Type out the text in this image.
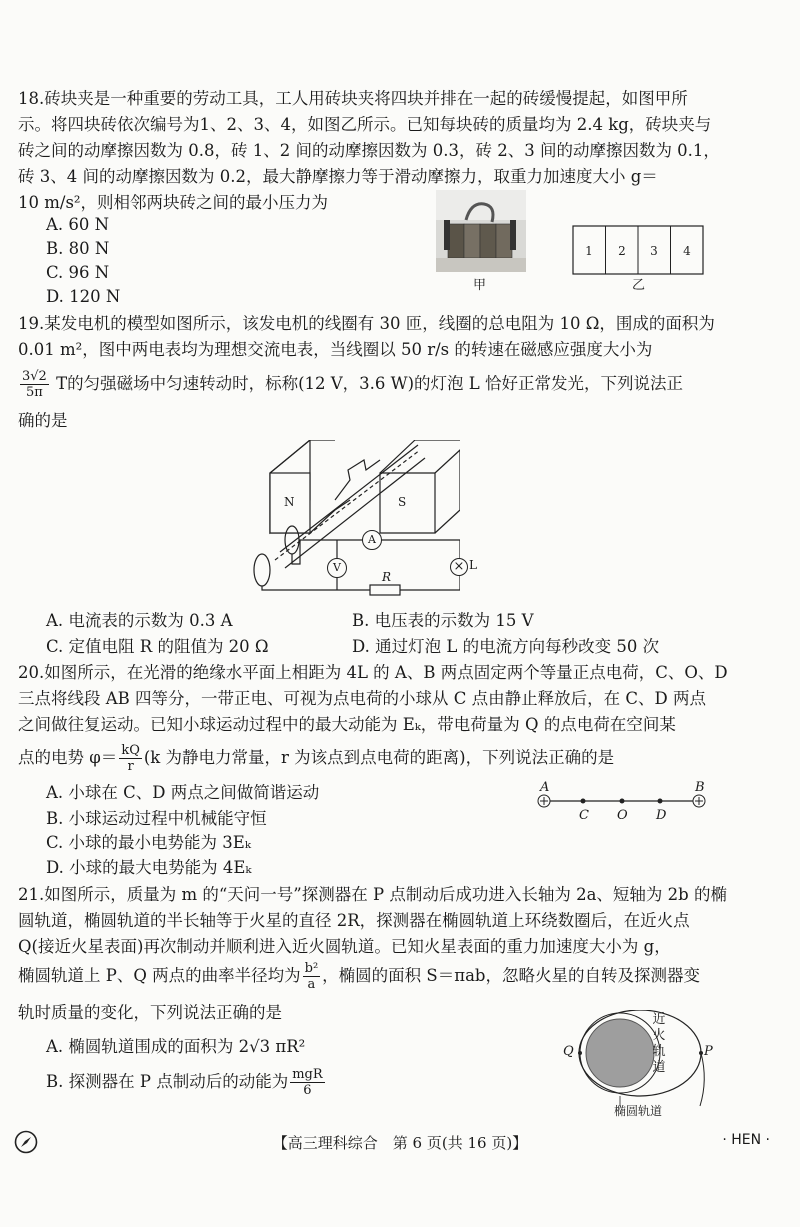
18.砖块夹是一种重要的劳动工具，工人用砖块夹将四块并排在一起的砖缓慢提起，如图甲所

示。将四块砖依次编号为1、2、3、4，如图乙所示。已知每块砖的质量均为 2.4 kg，砖块夹与

砖之间的动摩擦因数为 0.8，砖 1、2 间的动摩擦因数为 0.3，砖 2、3 间的动摩擦因数为 0.1，

砖 3、4 间的动摩擦因数为 0.2，最大静摩擦力等于滑动摩擦力，取重力加速度大小 g＝

10 m/s²，则相邻两块砖之间的最小压力为

A. 60 N
B. 80 N
C. 96 N
D. 120 N
甲
1 2 3 4
乙

19.某发电机的模型如图所示，该发电机的线圈有 30 匝，线圈的总电阻为 10 Ω，围成的面积为

0.01 m²，图中两电表均为理想交流电表，当线圈以 50 r/s 的转速在磁感应强度大小为

$\frac{3√2}{5\pi}$ T的匀强磁场中匀速转动时，标称(12 V，3.6 W)的灯泡 L 恰好正常发光，下列说法正
确的是
N	S
A
V	× L
R
A. 电流表的示数为 0.3 A	B. 电压表的示数为 15 V
C. 定值电阻 R 的阻值为 20 Ω	D. 通过灯泡 L 的电流方向每秒改变 50 次

20.如图所示，在光滑的绝缘水平面上相距为 4L 的 A、B 两点固定两个等量正点电荷，C、O、D

三点将线段 AB 四等分，一带正电、可视为点电荷的小球从 C 点由静止释放后，在 C、D 两点

之间做往复运动。已知小球运动过程中的最大动能为 Eₖ，带电荷量为 Q 的点电荷在空间某

点的电势 $\varphi= \frac{kQ}{r} (k$ 为静电力常量，r 为该点到点电荷的距离)，下列说法正确的是
A. 小球在 C、D 两点之间做简谐运动
B. 小球运动过程中机械能守恒
C. 小球的最小电势能为 3Eₖ
D. 小球的最大电势能为 4Eₖ
A	B
C O D

21.如图所示，质量为 m 的“天问一号”探测器在 P 点制动后成功进入长轴为 2a、短轴为 2b 的椭

圆轨道，椭圆轨道的半长轴等于火星的直径 2R，探测器在椭圆轨道上环绕数圈后，在近火点

Q(接近火星表面)再次制动并顺利进入近火圆轨道。已知火星表面的重力加速度大小为 g，

椭圆轨道上 P、Q 两点的曲率半径均为 $\frac{\text{b²}}{a}$ ，椭圆的面积 S＝πab，忽略火星的自转及探测器变
轨时质量的变化，下列说法正确的是
A. 椭圆轨道围成的面积为 2√3 πR²
B. 探测器在 P 点制动后的动能为 $\frac{\text{mgR}}{6}$
近火轨道
Q	P
椭圆轨道
【高三理科综合　第 6 页(共 16 页)】	· HEN ·
